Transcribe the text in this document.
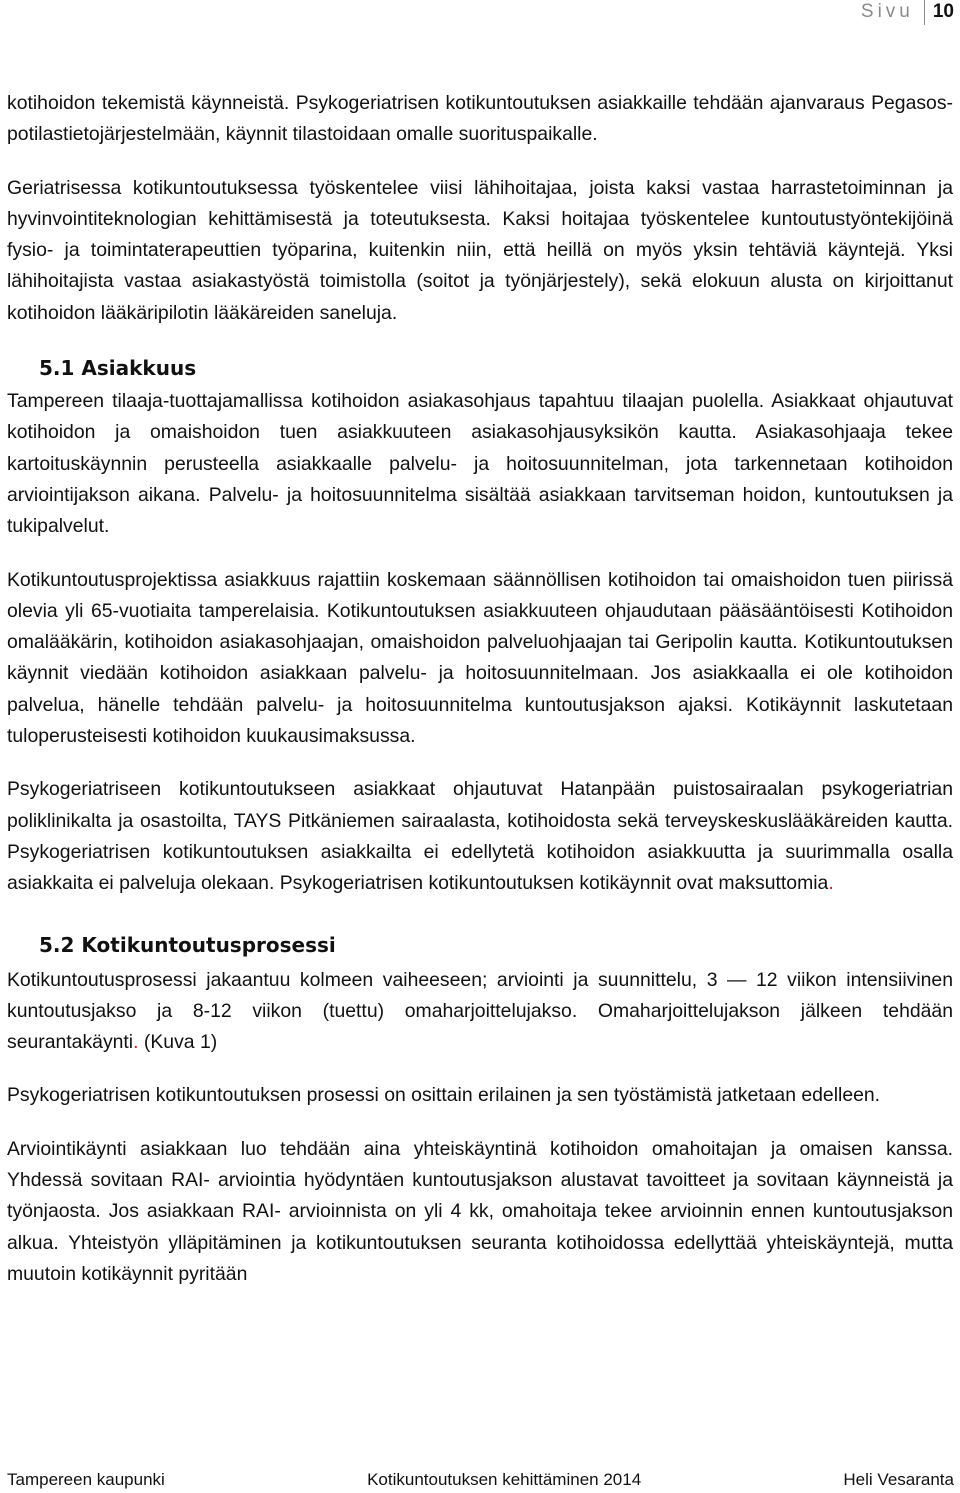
Sivu	10

kotihoidon tekemistä käynneistä. Psykogeriatrisen kotikuntoutuksen asiakkaille tehdään ajanvaraus Pegasos-potilastietojärjestelmään, käynnit tilastoidaan omalle suorituspaikalle.

Geriatrisessa kotikuntoutuksessa työskentelee viisi lähihoitajaa, joista kaksi vastaa harrastetoiminnan ja hyvinvointiteknologian kehittämisestä ja toteutuksesta. Kaksi hoitajaa työskentelee kuntoutustyöntekijöinä fysio- ja toimintaterapeuttien työparina, kuitenkin niin, että heillä on myös yksin tehtäviä käyntejä. Yksi lähihoitajista vastaa asiakastyöstä toimistolla (soitot ja työnjärjestely), sekä elokuun alusta on kirjoittanut kotihoidon lääkäripilotin lääkäreiden saneluja.

5.1 Asiakkuus

Tampereen tilaaja-tuottajamallissa kotihoidon asiakasohjaus tapahtuu tilaajan puolella. Asiakkaat ohjautuvat kotihoidon ja omaishoidon tuen asiakkuuteen asiakasohjausyksikön kautta. Asiakasohjaaja tekee kartoituskäynnin perusteella asiakkaalle palvelu- ja hoitosuunnitelman, jota tarkennetaan kotihoidon arviointijakson aikana. Palvelu- ja hoitosuunnitelma sisältää asiakkaan tarvitseman hoidon, kuntoutuksen ja tukipalvelut.

Kotikuntoutusprojektissa asiakkuus rajattiin koskemaan säännöllisen kotihoidon tai omaishoidon tuen piirissä olevia yli 65-vuotiaita tamperelaisia. Kotikuntoutuksen asiakkuuteen ohjaudutaan pääsääntöisesti Kotihoidon omalääkärin, kotihoidon asiakasohjaajan, omaishoidon palveluohjaajan tai Geripolin kautta. Kotikuntoutuksen käynnit viedään kotihoidon asiakkaan palvelu- ja hoitosuunnitelmaan. Jos asiakkaalla ei ole kotihoidon palvelua, hänelle tehdään palvelu- ja hoitosuunnitelma kuntoutusjakson ajaksi. Kotikäynnit laskutetaan tuloperusteisesti kotihoidon kuukausimaksussa.

Psykogeriatriseen kotikuntoutukseen asiakkaat ohjautuvat Hatanpään puistosairaalan psykogeriatrian poliklinikalta ja osastoilta, TAYS Pitkäniemen sairaalasta, kotihoidosta sekä terveyskeskuslääkäreiden kautta. Psykogeriatrisen kotikuntoutuksen asiakkailta ei edellytetä kotihoidon asiakkuutta ja suurimmalla osalla asiakkaita ei palveluja olekaan. Psykogeriatrisen kotikuntoutuksen kotikäynnit ovat maksuttomia.

5.2 Kotikuntoutusprosessi

Kotikuntoutusprosessi jakaantuu kolmeen vaiheeseen; arviointi ja suunnittelu, 3 — 12 viikon intensiivinen kuntoutusjakso ja 8-12 viikon (tuettu) omaharjoittelujakso. Omaharjoittelujakson jälkeen tehdään seurantakäynti. (Kuva 1)

Psykogeriatrisen kotikuntoutuksen prosessi on osittain erilainen ja sen työstämistä jatketaan edelleen.

Arviointikäynti asiakkaan luo tehdään aina yhteiskäyntinä kotihoidon omahoitajan ja omaisen kanssa. Yhdessä sovitaan RAI- arviointia hyödyntäen kuntoutusjakson alustavat tavoitteet ja sovitaan käynneistä ja työnjaosta. Jos asiakkaan RAI- arvioinnista on yli 4 kk, omahoitaja tekee arvioinnin ennen kuntoutusjakson alkua. Yhteistyön ylläpitäminen ja kotikuntoutuksen seuranta kotihoidossa edellyttää yhteiskäyntejä, mutta muutoin kotikäynnit pyritään

Tampereen kaupunki	Kotikuntoutuksen kehittäminen 2014	Heli Vesaranta
